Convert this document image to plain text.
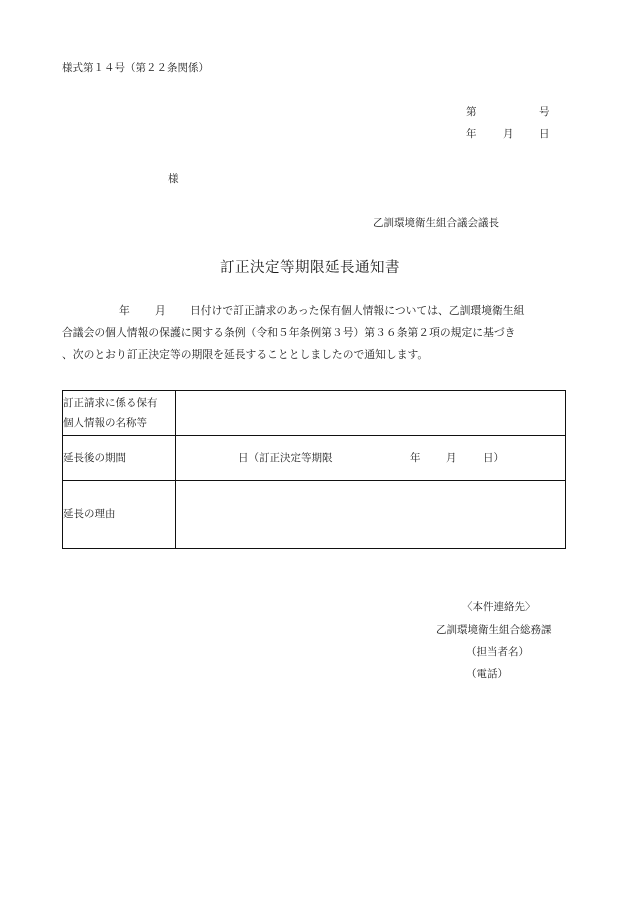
様式第１４号（第２２条関係）
第	号
年	月 日
様
乙訓環境衛生組合議会議長
訂正決定等期限延長通知書
年 月 日付けで訂正請求のあった保有個人情報については、乙訓環境衛生組
合議会の個人情報の保護に関する条例（令和５年条例第３号）第３６条第２項の規定に基づき
、次のとおり訂正決定等の期限を延長することとしましたので通知します。
訂正請求に係る保有
個人情報の名称等	

延長後の期間	日（訂正決定等期限 年 月 日）

延長の理由	
〈本件連絡先〉
乙訓環境衛生組合総務課
（担当者名）
（電話）
